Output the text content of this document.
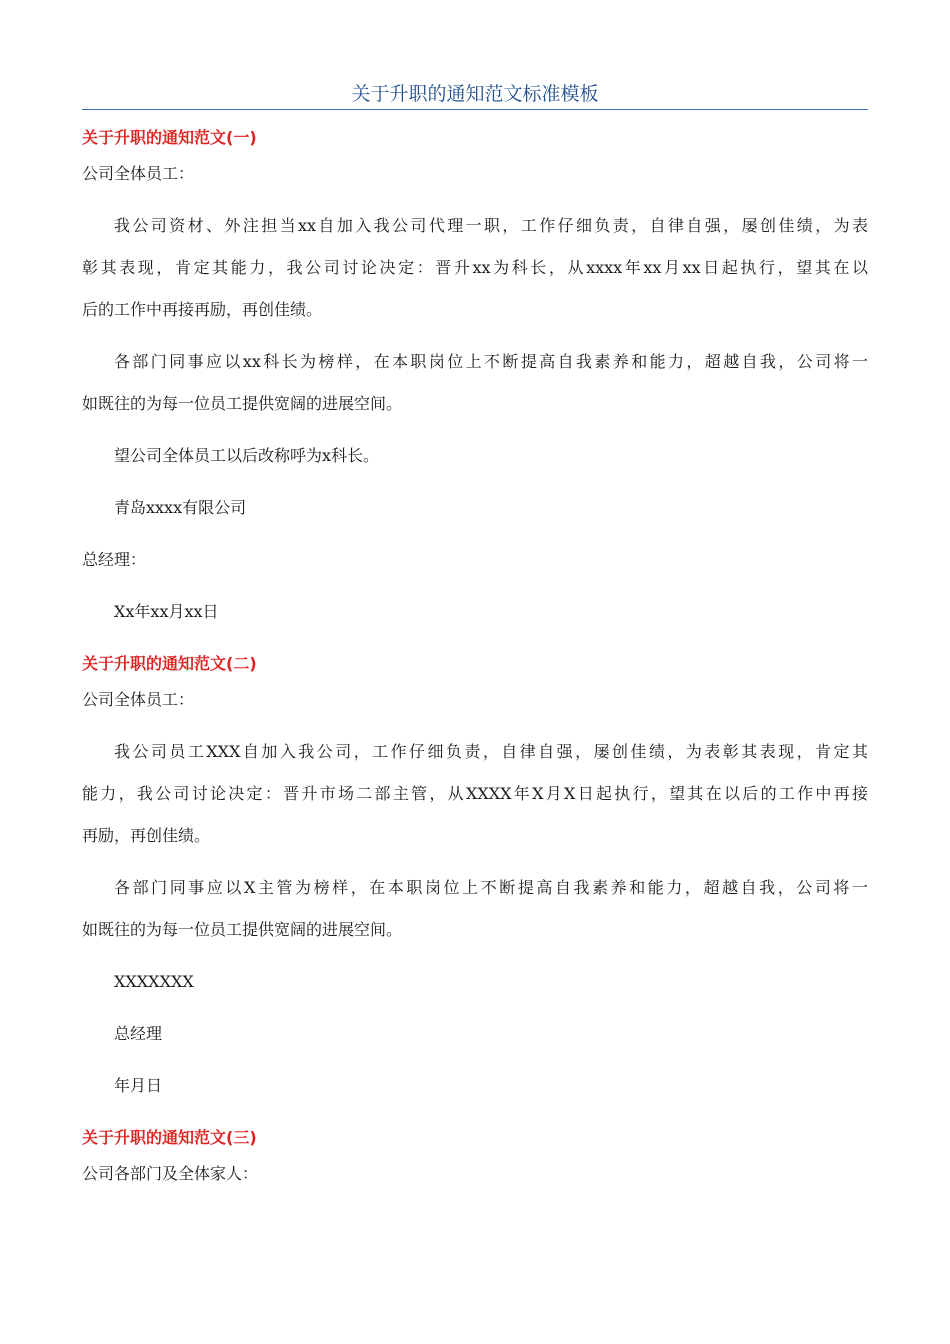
关于升职的通知范文标准模板
关于升职的通知范文(一)
公司全体员工：
我公司资材、外注担当xx自加入我公司代理一职，工作仔细负责，自律自强，屡创佳绩，为表
彰其表现，肯定其能力，我公司讨论决定：晋升xx为科长，从xxxx年xx月xx日起执行，望其在以
后的工作中再接再励，再创佳绩。
各部门同事应以xx科长为榜样，在本职岗位上不断提高自我素养和能力，超越自我，公司将一
如既往的为每一位员工提供宽阔的进展空间。
望公司全体员工以后改称呼为x科长。
青岛xxxx有限公司
总经理：
Xx年xx月xx日
关于升职的通知范文(二)
公司全体员工：
我公司员工XXX自加入我公司，工作仔细负责，自律自强，屡创佳绩，为表彰其表现，肯定其
能力，我公司讨论决定：晋升市场二部主管，从XXXX年X月X日起执行，望其在以后的工作中再接
再励，再创佳绩。
各部门同事应以X主管为榜样，在本职岗位上不断提高自我素养和能力，超越自我，公司将一
如既往的为每一位员工提供宽阔的进展空间。
XXXXXXX
总经理
年月日
关于升职的通知范文(三)
公司各部门及全体家人：
